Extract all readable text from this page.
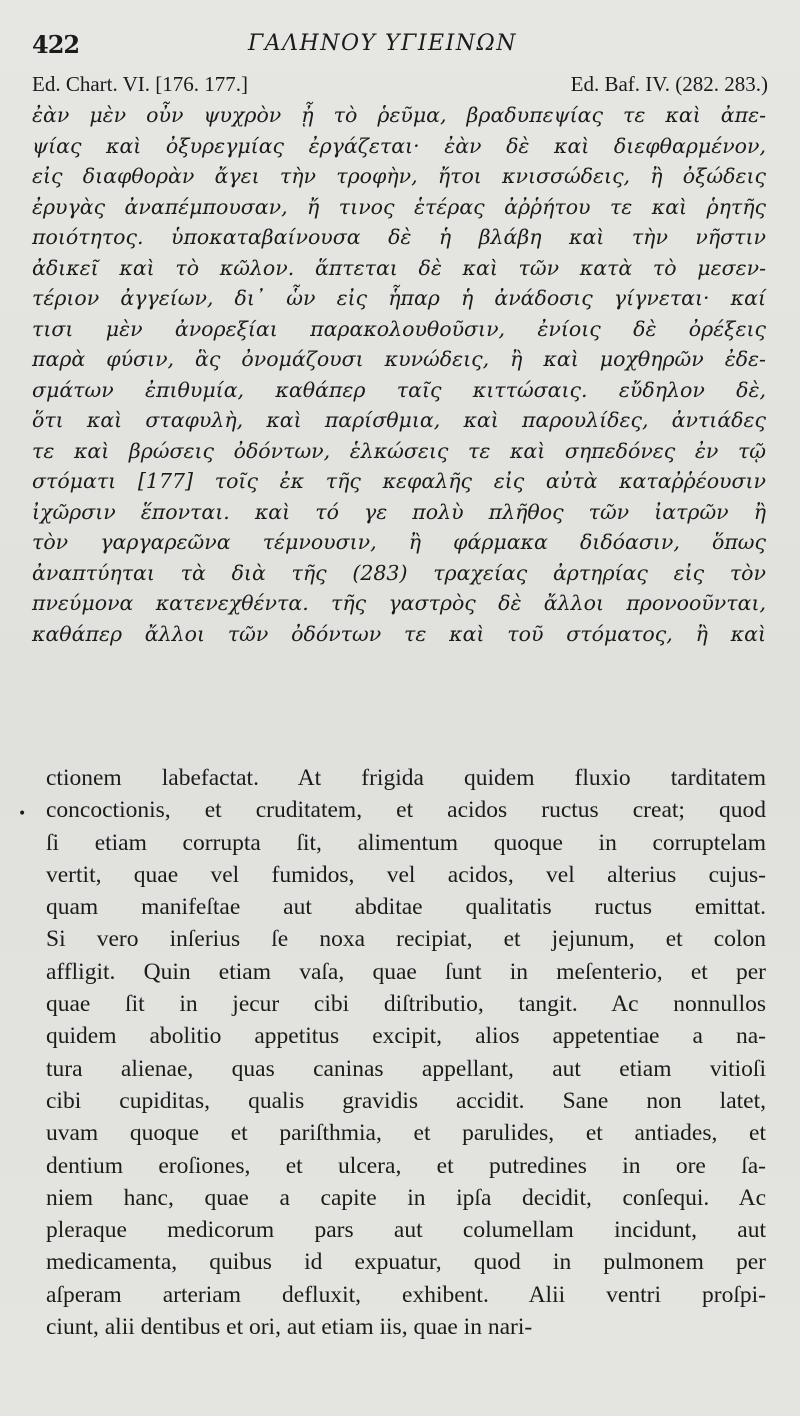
422	ΓΑΛΗΝΟΥ ΥΓΙΕΙΝΩΝ
Ed. Chart. VI. [176. 177.]	Ed. Baf. IV. (282. 283.)
ἐὰν μὲν οὖν ψυχρὸν ᾖ τὸ ῥεῦμα, βραδυπεψίας τε καὶ ἀπε-
ψίας καὶ ὀξυρεγμίας ἐργάζεται· ἐὰν δὲ καὶ διεφθαρμένον,
εἰς διαφθορὰν ἄγει τὴν τροφὴν, ἤτοι κνισσώδεις, ἢ ὀξώδεις
ἐρυγὰς ἀναπέμπουσαν, ἤ τινος ἑτέρας ἀῤῥήτου τε καὶ ῥητῆς
ποιότητος. ὑποκαταβαίνουσα δὲ ἡ βλάβη καὶ τὴν νῆστιν
ἀδικεῖ καὶ τὸ κῶλον. ἅπτεται δὲ καὶ τῶν κατὰ τὸ μεσεν-
τέριον ἀγγείων, δι᾽ ὧν εἰς ἧπαρ ἡ ἀνάδοσις γίγνεται· καί
τισι μὲν ἀνορεξίαι παρακολουθοῦσιν, ἐνίοις δὲ ὀρέξεις
παρὰ φύσιν, ἃς ὀνομάζουσι κυνώδεις, ἢ καὶ μοχθηρῶν ἐδε-
σμάτων ἐπιθυμία, καθάπερ ταῖς κιττώσαις. εὔδηλον δὲ,
ὅτι καὶ σταφυλὴ, καὶ παρίσθμια, καὶ παρουλίδες, ἀντιάδες
τε καὶ βρώσεις ὀδόντων, ἑλκώσεις τε καὶ σηπεδόνες ἐν τῷ
στόματι [177] τοῖς ἐκ τῆς κεφαλῆς εἰς αὐτὰ καταῤῥέουσιν
ἰχῶρσιν ἕπονται. καὶ τό γε πολὺ πλῆθος τῶν ἰατρῶν ἢ
τὸν γαργαρεῶνα τέμνουσιν, ἢ φάρμακα διδόασιν, ὅπως
ἀναπτύηται τὰ διὰ τῆς (283) τραχείας ἀρτηρίας εἰς τὸν
πνεύμονα κατενεχθέντα. τῆς γαστρὸς δὲ ἄλλοι προνοοῦνται,
καθάπερ ἄλλοι τῶν ὀδόντων τε καὶ τοῦ στόματος, ἢ καὶ
•
ctionem labefactat. At frigida quidem fluxio tarditatem
concoctionis, et cruditatem, et acidos ructus creat; quod
ſi etiam corrupta ſit, alimentum quoque in corruptelam
vertit, quae vel fumidos, vel acidos, vel alterius cujus-
quam manifeſtae aut abditae qualitatis ructus emittat.
Si vero inſerius ſe noxa recipiat, et jejunum, et colon
affligit. Quin etiam vaſa, quae ſunt in meſenterio, et per
quae ſit in jecur cibi diſtributio, tangit. Ac nonnullos
quidem abolitio appetitus excipit, alios appetentiae a na-
tura alienae, quas caninas appellant, aut etiam vitioſi
cibi cupiditas, qualis gravidis accidit. Sane non latet,
uvam quoque et pariſthmia, et parulides, et antiades, et
dentium eroſiones, et ulcera, et putredines in ore ſa-
niem hanc, quae a capite in ipſa decidit, conſequi. Ac
pleraque medicorum pars aut columellam incidunt, aut
medicamenta, quibus id expuatur, quod in pulmonem per
aſperam arteriam defluxit, exhibent. Alii ventri proſpi-
ciunt, alii dentibus et ori, aut etiam iis, quae in nari-
